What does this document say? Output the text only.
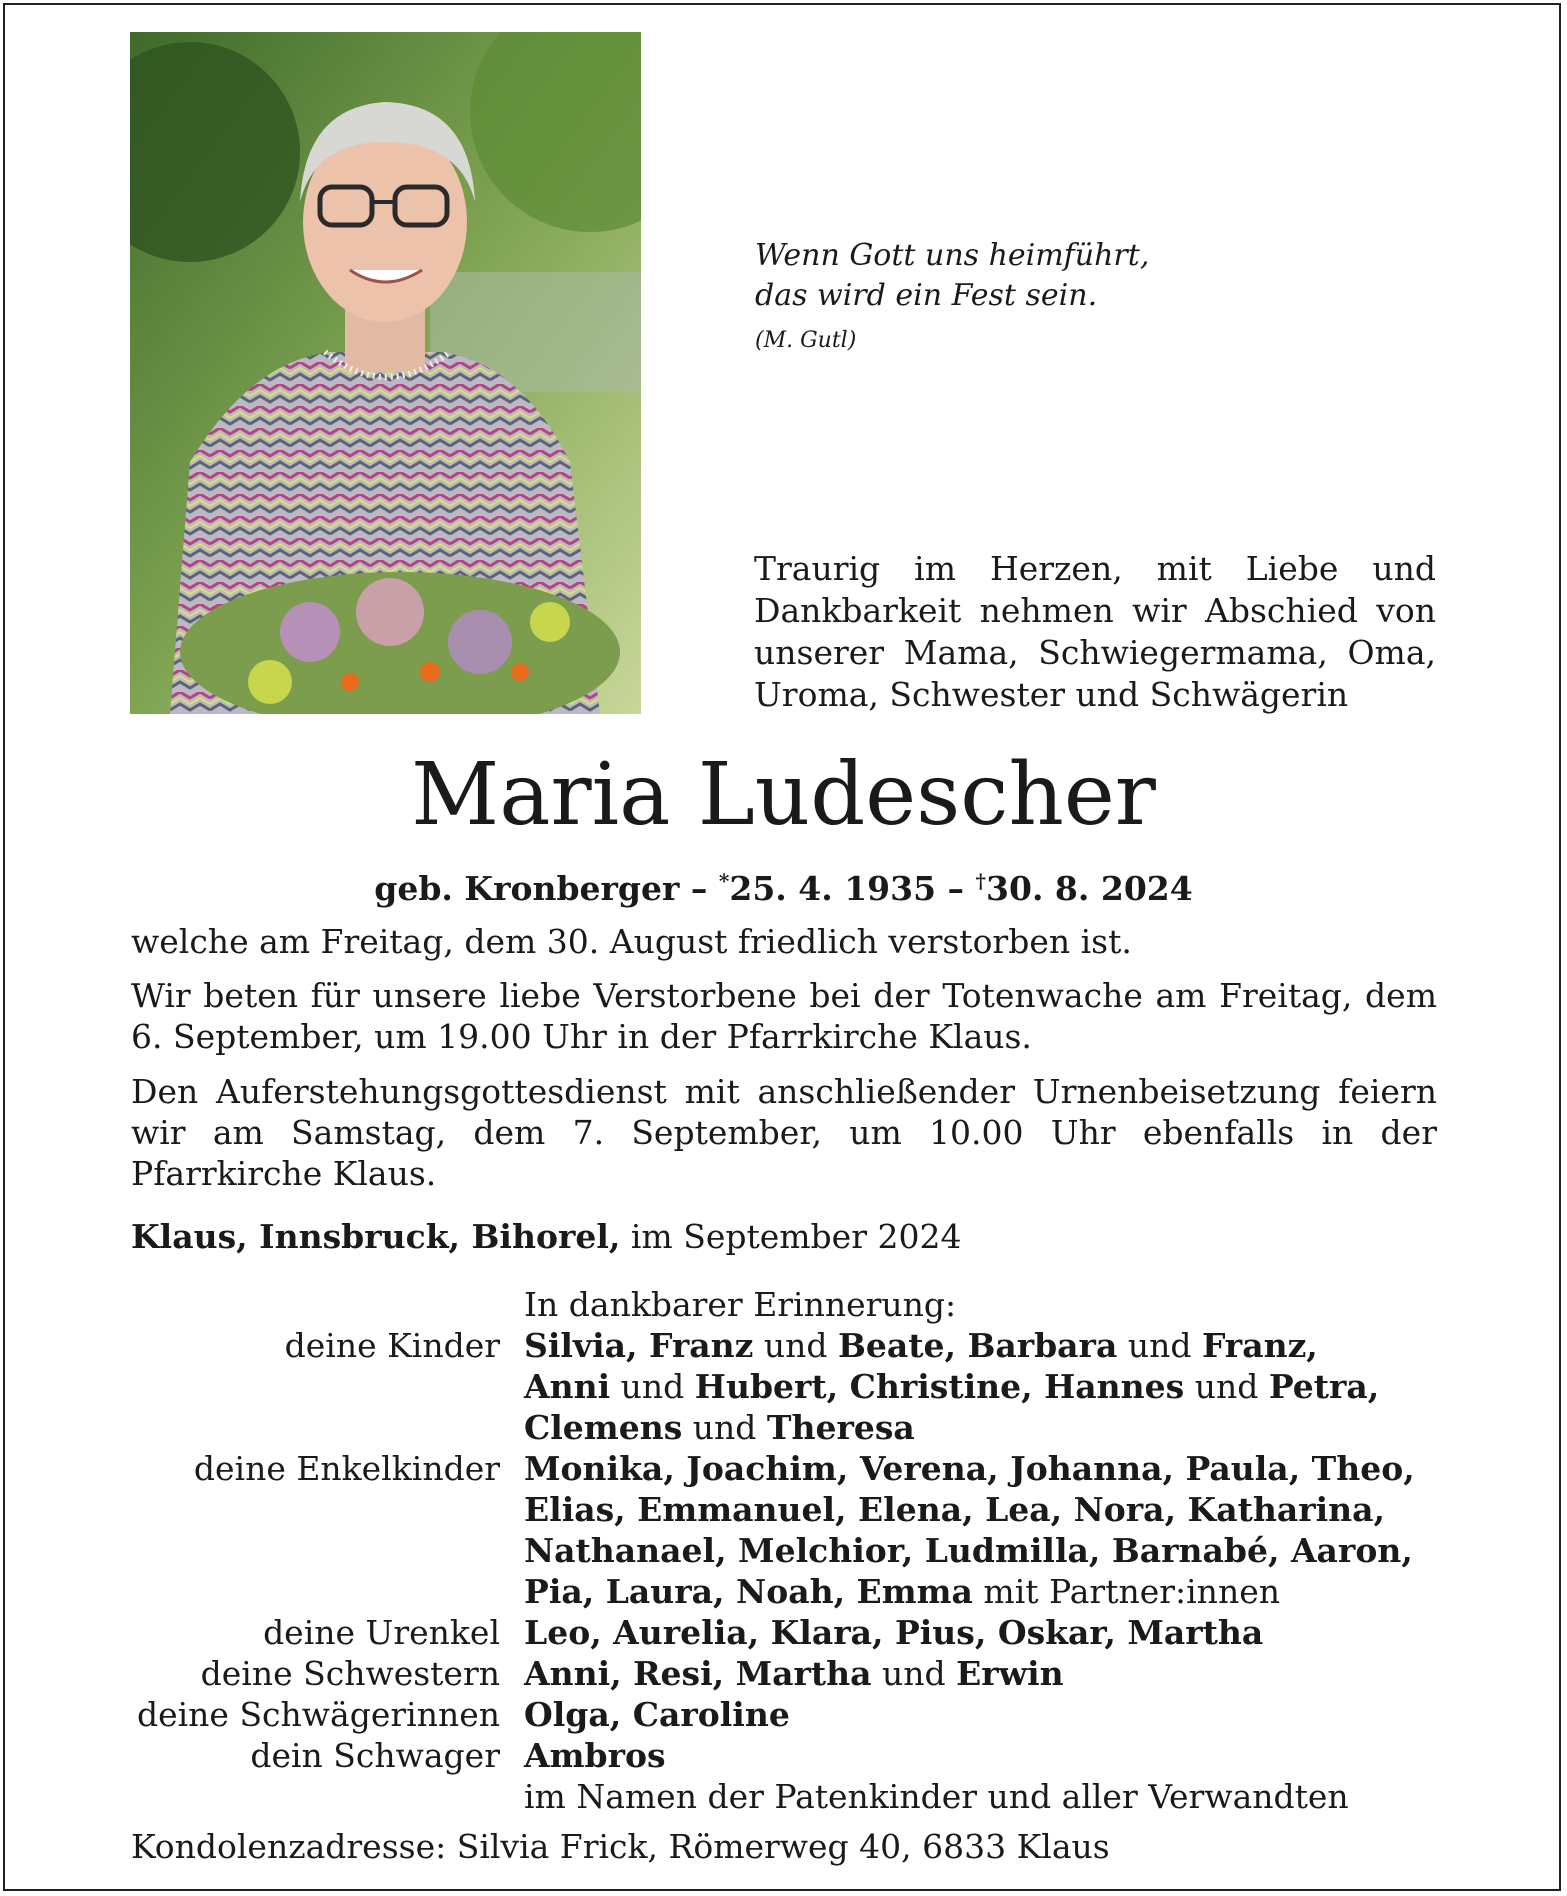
Wenn Gott uns heimführt,
das wird ein Fest sein.
(M. Gutl)
Traurig im Herzen, mit Liebe und
Dankbarkeit nehmen wir Abschied von
unserer Mama, Schwiegermama, Oma,
Uroma, Schwester und Schwägerin
Maria Ludescher
geb. Kronberger – *25. 4. 1935 – †30. 8. 2024

welche am Freitag, dem 30. August friedlich verstorben ist.

Wir beten für unsere liebe Verstorbene bei der Totenwache am Freitag, dem 6. September, um 19.00 Uhr in der Pfarrkirche Klaus.

Den Auferstehungsgottesdienst mit anschließender Urnenbeisetzung feiern wir am Samstag, dem 7. September, um 10.00 Uhr ebenfalls in der Pfarrkirche Klaus.

Klaus, Innsbruck, Bihorel, im September 2024
In dankbarer Erinnerung:
deine Kinder Silvia, Franz und Beate, Barbara und Franz,
Anni und Hubert, Christine, Hannes und Petra,
Clemens und Theresa
deine Enkelkinder Monika, Joachim, Verena, Johanna, Paula, Theo,
Elias, Emmanuel, Elena, Lea, Nora, Katharina,
Nathanael, Melchior, Ludmilla, Barnabé, Aaron,
Pia, Laura, Noah, Emma mit Partner:innen
deine Urenkel Leo, Aurelia, Klara, Pius, Oskar, Martha
deine Schwestern Anni, Resi, Martha und Erwin
deine Schwägerinnen Olga, Caroline
dein Schwager Ambros
im Namen der Patenkinder und aller Verwandten
Kondolenzadresse: Silvia Frick, Römerweg 40, 6833 Klaus
